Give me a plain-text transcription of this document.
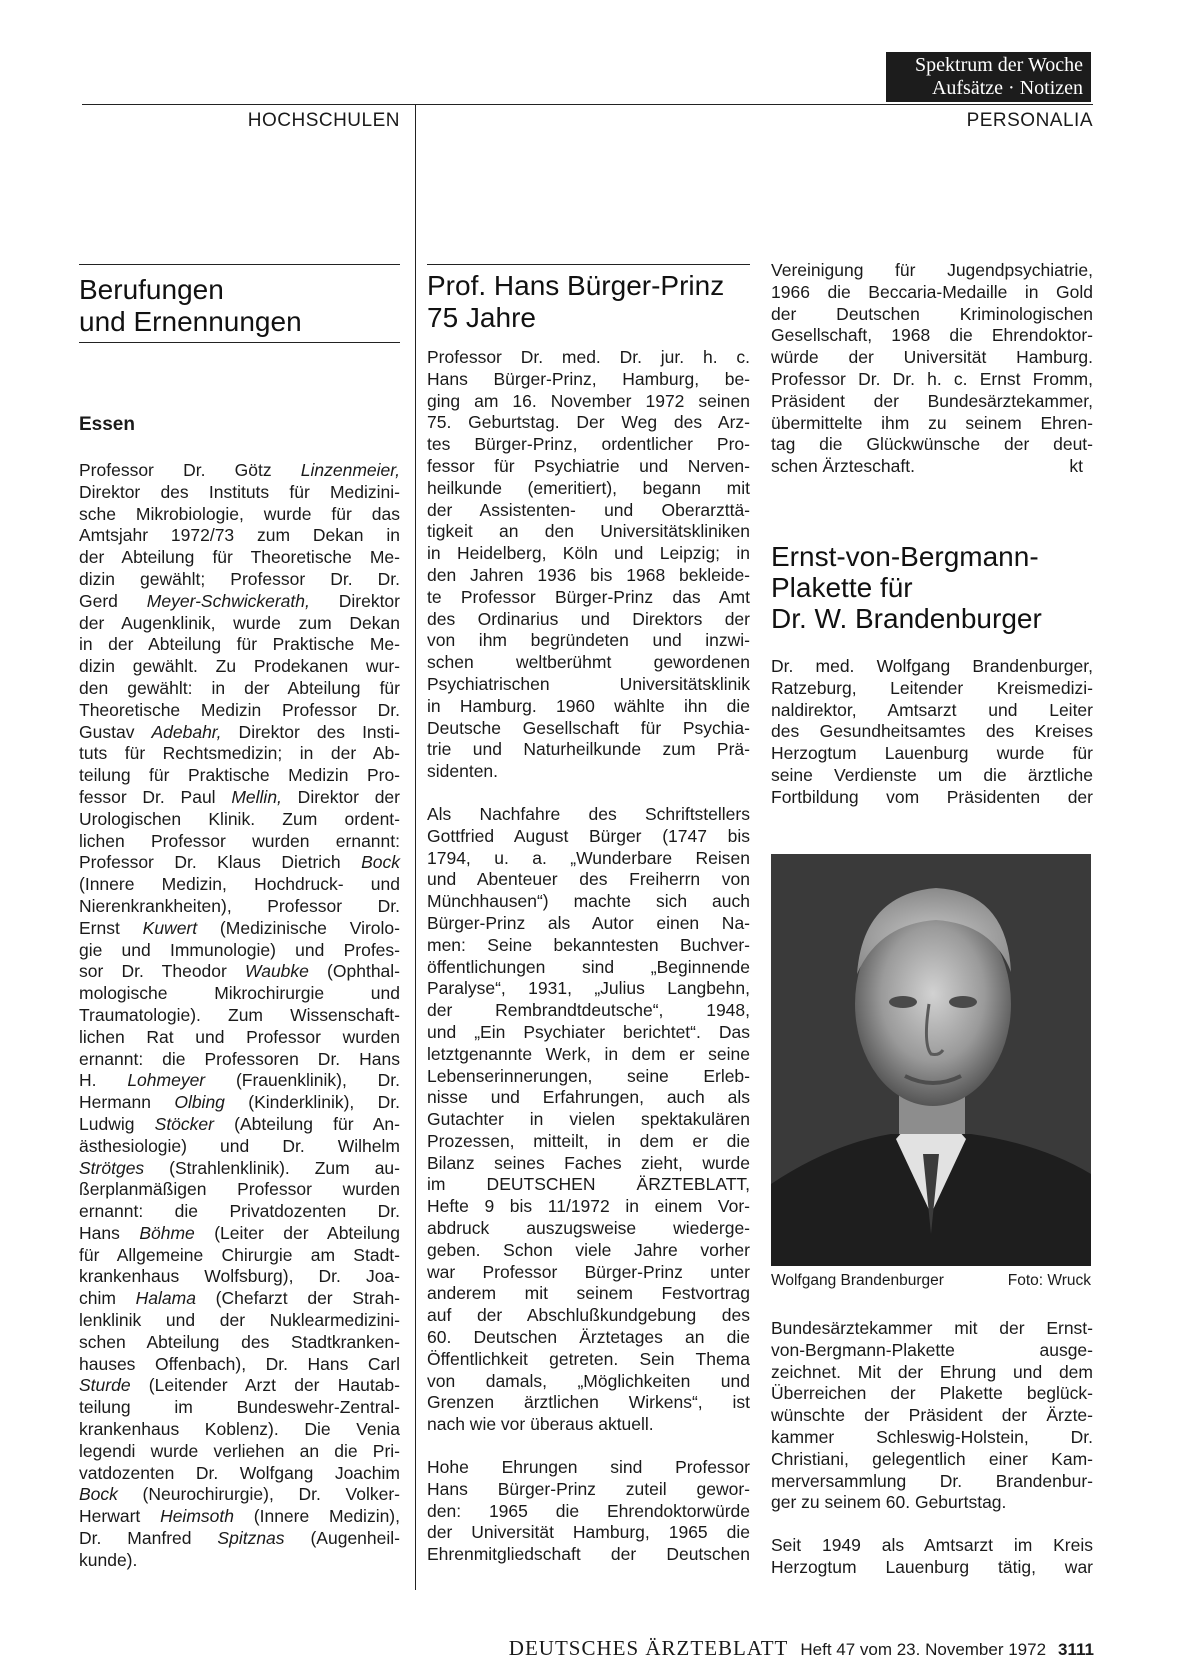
Spektrum der Woche
Aufsätze · Notizen
HOCHSCHULEN	PERSONALIA
Berufungen
und Ernennungen
Essen

Professor Dr. Götz Linzenmeier,
Direktor des Instituts für Medizini-
sche Mikrobiologie, wurde für das
Amtsjahr 1972/73 zum Dekan in
der Abteilung für Theoretische Me-
dizin gewählt; Professor Dr. Dr.
Gerd Meyer-Schwickerath, Direktor
der Augenklinik, wurde zum Dekan
in der Abteilung für Praktische Me-
dizin gewählt. Zu Prodekanen wur-
den gewählt: in der Abteilung für
Theoretische Medizin Professor Dr.
Gustav Adebahr, Direktor des Insti-
tuts für Rechtsmedizin; in der Ab-
teilung für Praktische Medizin Pro-
fessor Dr. Paul Mellin, Direktor der
Urologischen Klinik. Zum ordent-
lichen Professor wurden ernannt:
Professor Dr. Klaus Dietrich Bock
(Innere Medizin, Hochdruck- und
Nierenkrankheiten), Professor Dr.
Ernst Kuwert (Medizinische Virolo-
gie und Immunologie) und Profes-
sor Dr. Theodor Waubke (Ophthal-
mologische Mikrochirurgie und
Traumatologie). Zum Wissenschaft-
lichen Rat und Professor wurden
ernannt: die Professoren Dr. Hans
H. Lohmeyer (Frauenklinik), Dr.
Hermann Olbing (Kinderklinik), Dr.
Ludwig Stöcker (Abteilung für An-
ästhesiologie) und Dr. Wilhelm
Strötges (Strahlenklinik). Zum au-
ßerplanmäßigen Professor wurden
ernannt: die Privatdozenten Dr.
Hans Böhme (Leiter der Abteilung
für Allgemeine Chirurgie am Stadt-
krankenhaus Wolfsburg), Dr. Joa-
chim Halama (Chefarzt der Strah-
lenklinik und der Nuklearmedizini-
schen Abteilung des Stadtkranken-
hauses Offenbach), Dr. Hans Carl
Sturde (Leitender Arzt der Hautab-
teilung im Bundeswehr-Zentral-
krankenhaus Koblenz). Die Venia
legendi wurde verliehen an die Pri-
vatdozenten Dr. Wolfgang Joachim
Bock (Neurochirurgie), Dr. Volker-
Herwart Heimsoth (Innere Medizin),
Dr. Manfred Spitznas (Augenheil-
kunde).

Prof. Hans Bürger-Prinz
75 Jahre

Professor Dr. med. Dr. jur. h. c.
Hans Bürger-Prinz, Hamburg, be-
ging am 16. November 1972 seinen
75. Geburtstag. Der Weg des Arz-
tes Bürger-Prinz, ordentlicher Pro-
fessor für Psychiatrie und Nerven-
heilkunde (emeritiert), begann mit
der Assistenten- und Oberarzttä-
tigkeit an den Universitätskliniken
in Heidelberg, Köln und Leipzig; in
den Jahren 1936 bis 1968 bekleide-
te Professor Bürger-Prinz das Amt
des Ordinarius und Direktors der
von ihm begründeten und inzwi-
schen weltberühmt gewordenen
Psychiatrischen Universitätsklinik
in Hamburg. 1960 wählte ihn die
Deutsche Gesellschaft für Psychia-
trie und Naturheilkunde zum Prä-
sidenten.

Als Nachfahre des Schriftstellers
Gottfried August Bürger (1747 bis
1794, u. a. „Wunderbare Reisen
und Abenteuer des Freiherrn von
Münchhausen“) machte sich auch
Bürger-Prinz als Autor einen Na-
men: Seine bekanntesten Buchver-
öffentlichungen sind „Beginnende
Paralyse“, 1931, „Julius Langbehn,
der Rembrandtdeutsche“, 1948,
und „Ein Psychiater berichtet“. Das
letztgenannte Werk, in dem er seine
Lebenserinnerungen, seine Erleb-
nisse und Erfahrungen, auch als
Gutachter in vielen spektakulären
Prozessen, mitteilt, in dem er die
Bilanz seines Faches zieht, wurde
im DEUTSCHEN ÄRZTEBLATT,
Hefte 9 bis 11/1972 in einem Vor-
abdruck auszugsweise wiederge-
geben. Schon viele Jahre vorher
war Professor Bürger-Prinz unter
anderem mit seinem Festvortrag
auf der Abschlußkundgebung des
60. Deutschen Ärztetages an die
Öffentlichkeit getreten. Sein Thema
von damals, „Möglichkeiten und
Grenzen ärztlichen Wirkens“, ist
nach wie vor überaus aktuell.

Hohe Ehrungen sind Professor
Hans Bürger-Prinz zuteil gewor-
den: 1965 die Ehrendoktorwürde
der Universität Hamburg, 1965 die
Ehrenmitgliedschaft der Deutschen

Vereinigung für Jugendpsychiatrie,
1966 die Beccaria-Medaille in Gold
der Deutschen Kriminologischen
Gesellschaft, 1968 die Ehrendoktor-
würde der Universität Hamburg.
Professor Dr. Dr. h. c. Ernst Fromm,
Präsident der Bundesärztekammer,
übermittelte ihm zu seinem Ehren-
tag die Glückwünsche der deut-
schen Ärzteschaft.	kt

Ernst-von-Bergmann-
Plakette für
Dr. W. Brandenburger

Dr. med. Wolfgang Brandenburger,
Ratzeburg, Leitender Kreismedizi-
naldirektor, Amtsarzt und Leiter
des Gesundheitsamtes des Kreises
Herzogtum Lauenburg wurde für
seine Verdienste um die ärztliche
Fortbildung vom Präsidenten der

Wolfgang Brandenburger	Foto: Wruck

Bundesärztekammer mit der Ernst-
von-Bergmann-Plakette ausge-
zeichnet. Mit der Ehrung und dem
Überreichen der Plakette beglück-
wünschte der Präsident der Ärzte-
kammer Schleswig-Holstein, Dr.
Christiani, gelegentlich einer Kam-
merversammlung Dr. Brandenbur-
ger zu seinem 60. Geburtstag.

Seit 1949 als Amtsarzt im Kreis
Herzogtum Lauenburg tätig, war

DEUTSCHES ÄRZTEBLATT Heft 47 vom 23. November 1972 3111
